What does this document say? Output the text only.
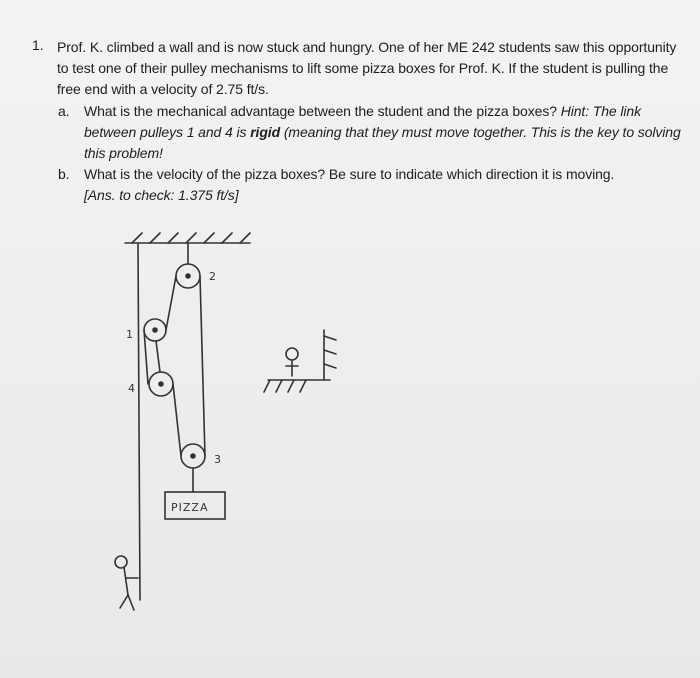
1. Prof. K. climbed a wall and is now stuck and hungry. One of her ME 242 students saw this opportunity to test one of their pulley mechanisms to lift some pizza boxes for Prof. K. If the student is pulling the free end with a velocity of 2.75 ft/s.
a. What is the mechanical advantage between the student and the pizza boxes? Hint: The link between pulleys 1 and 4 is rigid (meaning that they must move together. This is the key to solving this problem!
b. What is the velocity of the pizza boxes? Be sure to indicate which direction it is moving.
[Ans. to check: 1.375 ft/s]
2
1
4
3
PIZZA
